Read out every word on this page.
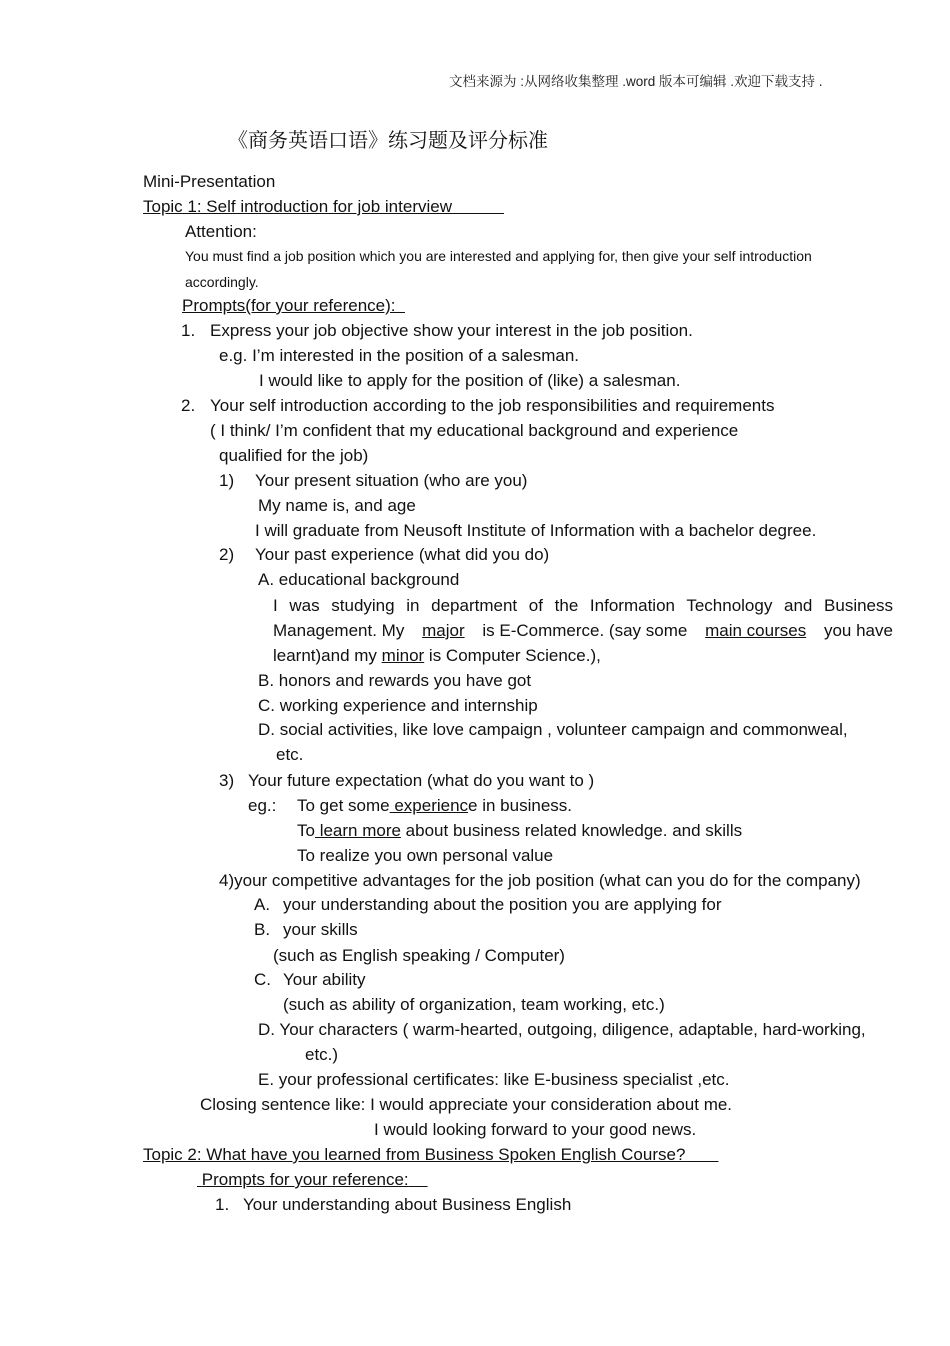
文档来源为 :从网络收集整理 .word 版本可编辑 .欢迎下载支持 .
《商务英语口语》练习题及评分标准
Mini-Presentation
Topic 1: Self introduction for job interview
Attention:
You must find a job position which you are interested and applying for, then give your self introduction
accordingly.
Prompts(for your reference):
1. Express your job objective show your interest in the job position.
e.g. I’m interested in the position of a salesman.
I would like to apply for the position of (like) a salesman.
2. Your self introduction according to the job responsibilities and requirements
( I think/ I’m confident that my educational background and experience
qualified for the job)
1) Your present situation (who are you)
My name is, and age
I will graduate from Neusoft Institute of Information with a bachelor degree.
2) Your past experience (what did you do)
A. educational background
I was studying in department of the Information Technology and Business
Management. My major is E-Commerce. (say some main courses you have
learnt)and my minor is Computer Science.),
B. honors and rewards you have got
C. working experience and internship
D. social activities, like love campaign , volunteer campaign and commonweal,
etc.
3) Your future expectation (what do you want to )
eg.: To get some experience in business.
To learn more about business related knowledge. and skills
To realize you own personal value
4)your competitive advantages for the job position (what can you do for the company)
A. your understanding about the position you are applying for
B. your skills
(such as English speaking / Computer)
C. Your ability
(such as ability of organization, team working, etc.)
D. Your characters ( warm-hearted, outgoing, diligence, adaptable, hard-working,
etc.)
E. your professional certificates: like E-business specialist ,etc.
Closing sentence like: I would appreciate your consideration about me.
I would looking forward to your good news.
Topic 2: What have you learned from Business Spoken English Course?
Prompts for your reference:
1. Your understanding about Business English
